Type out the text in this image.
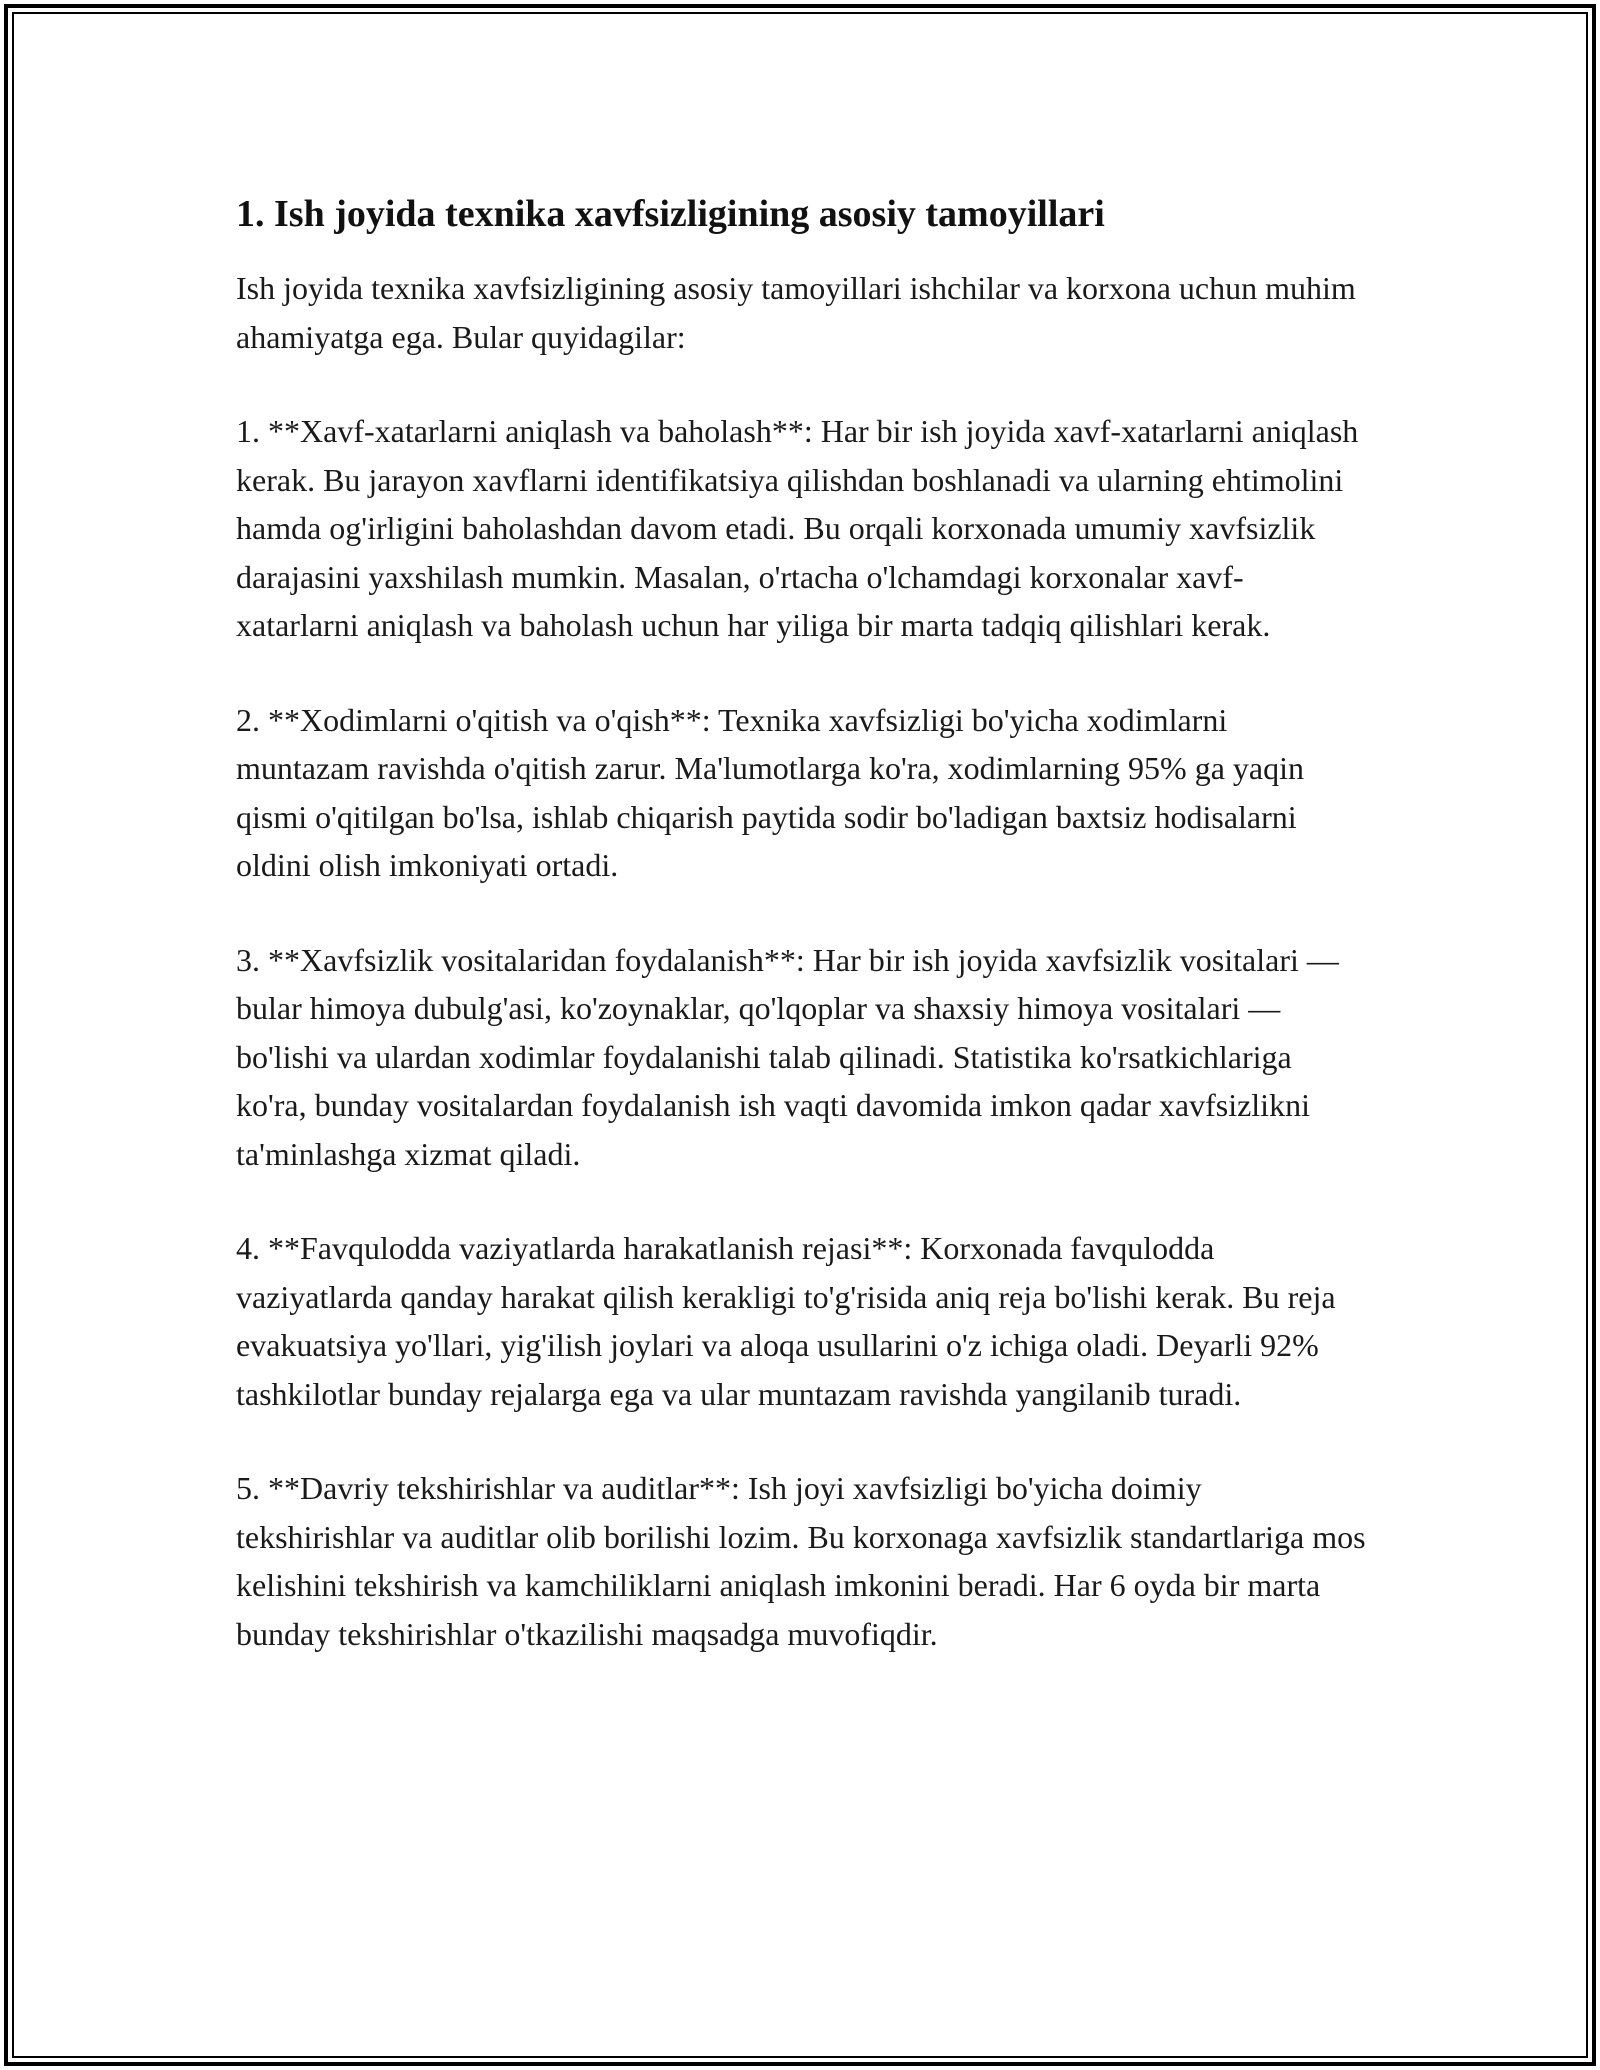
1. Ish joyida texnika xavfsizligining asosiy tamoyillari

Ish joyida texnika xavfsizligining asosiy tamoyillari ishchilar va korxona uchun muhim ahamiyatga ega. Bular quyidagilar:

1. **Xavf-xatarlarni aniqlash va baholash**: Har bir ish joyida xavf-xatarlarni aniqlash kerak. Bu jarayon xavflarni identifikatsiya qilishdan boshlanadi va ularning ehtimolini hamda og'irligini baholashdan davom etadi. Bu orqali korxonada umumiy xavfsizlik darajasini yaxshilash mumkin. Masalan, o'rtacha o'lchamdagi korxonalar xavf-xatarlarni aniqlash va baholash uchun har yiliga bir marta tadqiq qilishlari kerak.

2. **Xodimlarni o'qitish va o'qish**: Texnika xavfsizligi bo'yicha xodimlarni muntazam ravishda o'qitish zarur. Ma'lumotlarga ko'ra, xodimlarning 95% ga yaqin qismi o'qitilgan bo'lsa, ishlab chiqarish paytida sodir bo'ladigan baxtsiz hodisalarni oldini olish imkoniyati ortadi.

3. **Xavfsizlik vositalaridan foydalanish**: Har bir ish joyida xavfsizlik vositalari — bular himoya dubulg'asi, ko'zoynaklar, qo'lqoplar va shaxsiy himoya vositalari — bo'lishi va ulardan xodimlar foydalanishi talab qilinadi. Statistika ko'rsatkichlariga ko'ra, bunday vositalardan foydalanish ish vaqti davomida imkon qadar xavfsizlikni ta'minlashga xizmat qiladi.

4. **Favqulodda vaziyatlarda harakatlanish rejasi**: Korxonada favqulodda vaziyatlarda qanday harakat qilish kerakligi to'g'risida aniq reja bo'lishi kerak. Bu reja evakuatsiya yo'llari, yig'ilish joylari va aloqa usullarini o'z ichiga oladi. Deyarli 92% tashkilotlar bunday rejalarga ega va ular muntazam ravishda yangilanib turadi.

5. **Davriy tekshirishlar va auditlar**: Ish joyi xavfsizligi bo'yicha doimiy tekshirishlar va auditlar olib borilishi lozim. Bu korxonaga xavfsizlik standartlariga mos kelishini tekshirish va kamchiliklarni aniqlash imkonini beradi. Har 6 oyda bir marta bunday tekshirishlar o'tkazilishi maqsadga muvofiqdir.
